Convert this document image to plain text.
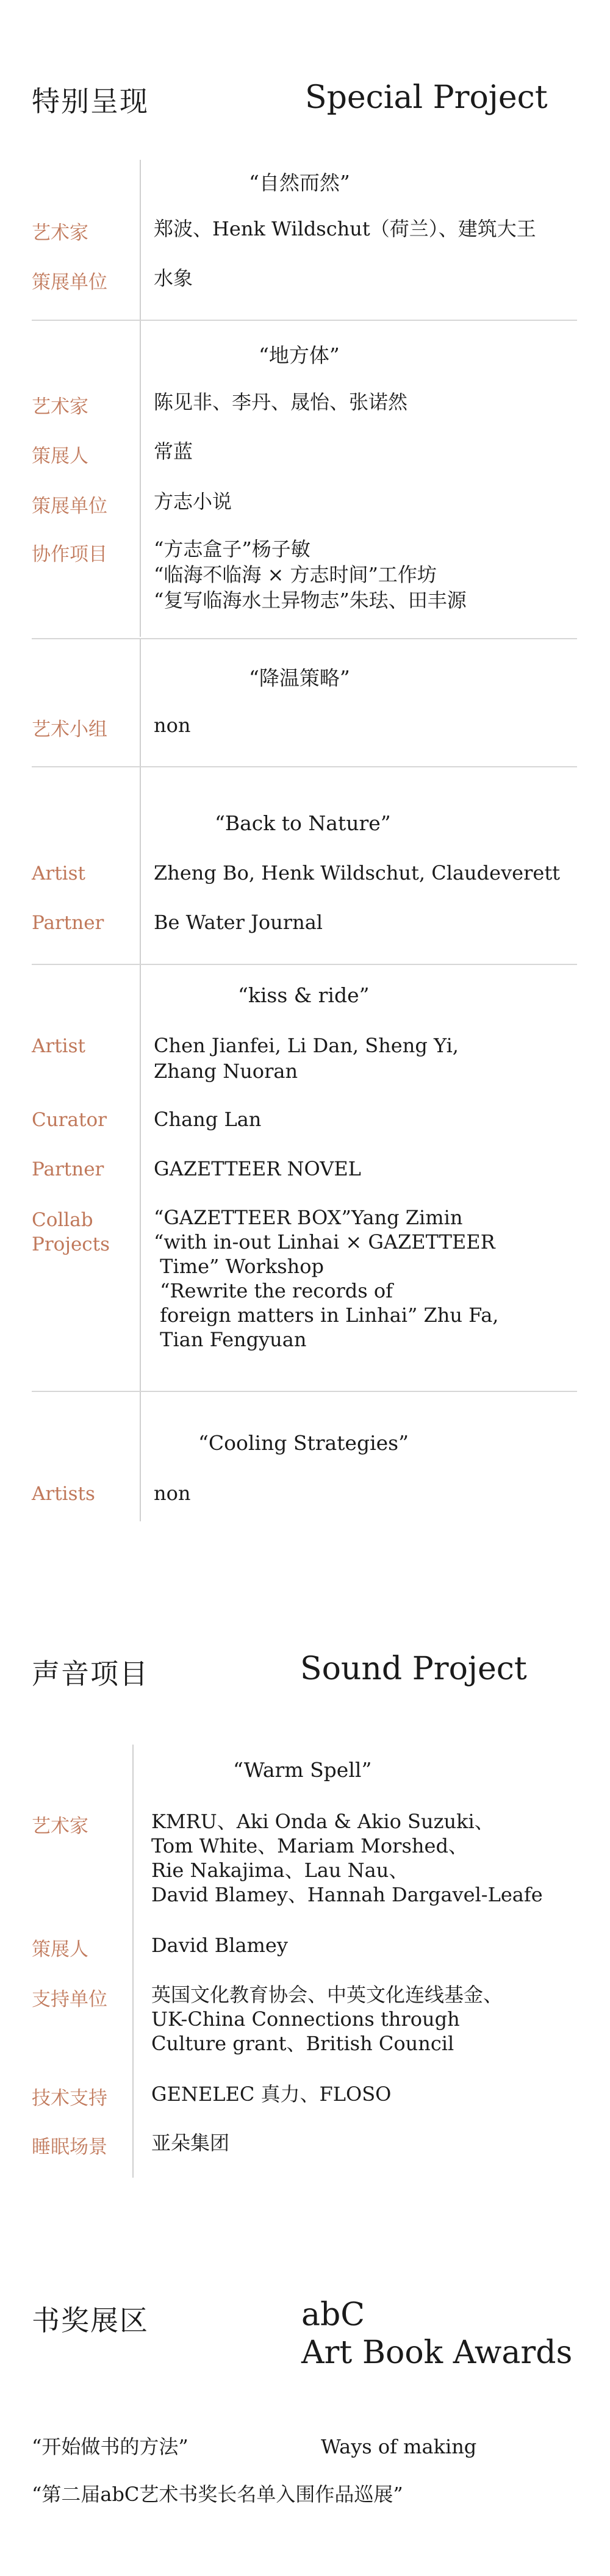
特别呈现	Special Project
“自然而然”
艺术家	郑波、Henk Wildschut（荷兰）、建筑大王
策展单位 水象
“地方体”
艺术家	陈见非、李丹、晟怡、张诺然
策展人	常蓝
策展单位 方志小说
协作项目 “方志盒子”杨子敏
“临海不临海 × 方志时间”工作坊
“复写临海水土异物志”朱珐、田丰源
“降温策略”
艺术小组 non
“Back to Nature”
Artist	Zheng Bo, Henk Wildschut, Claudeverett
Partner	Be Water Journal
“kiss & ride”
Artist	Chen Jianfei, Li Dan, Sheng Yi,
Zhang Nuoran
Curator Chang Lan
Partner	GAZETTEER NOVEL
Collab
Projects
“GAZETTEER BOX”Yang Zimin
“with in-out Linhai × GAZETTEER
Time” Workshop
“Rewrite the records of
foreign matters in Linhai” Zhu Fa,
Tian Fengyuan
“Cooling Strategies”
Artists	non
声音项目	Sound Project
“Warm Spell”
艺术家	KMRU、Aki Onda & Akio Suzuki、
Tom White、Mariam Morshed、
Rie Nakajima、Lau Nau、
David Blamey、Hannah Dargavel-Leafe
策展人	David Blamey
支持单位 英国文化教育协会、中英文化连线基金、
UK-China Connections through
Culture grant、British Council
技术支持 GENELEC 真力、FLOSO
睡眠场景 亚朵集团
书奖展区	abC
Art Book Awards
“开始做书的方法”	Ways of making
“第二届abC艺术书奖长名单入围作品巡展”
